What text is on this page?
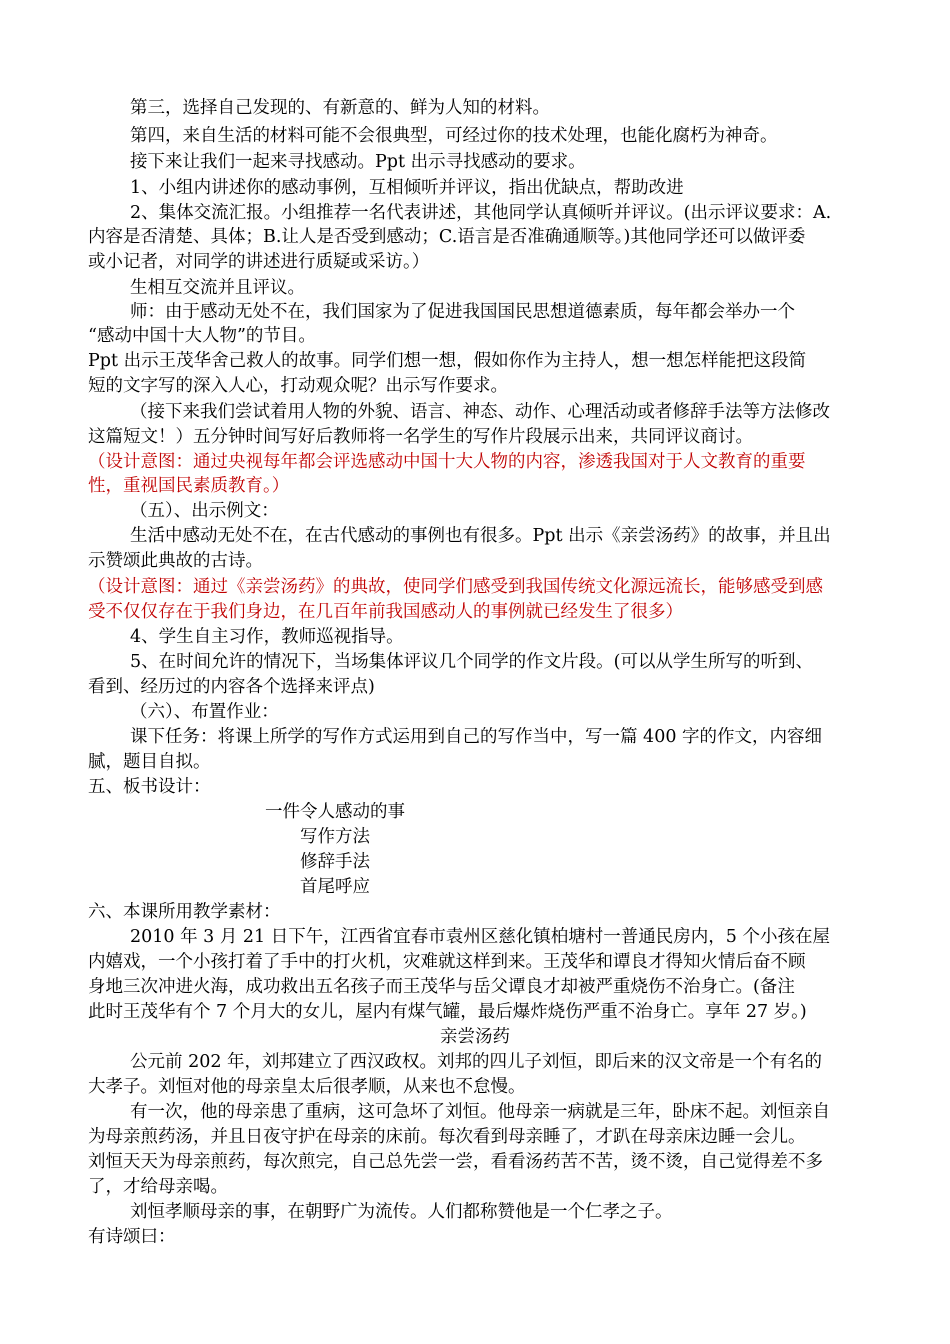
第三，选择自己发现的、有新意的、鲜为人知的材料。
第四，来自生活的材料可能不会很典型，可经过你的技术处理，也能化腐朽为神奇。
接下来让我们一起来寻找感动。Ppt 出示寻找感动的要求。
1、小组内讲述你的感动事例，互相倾听并评议，指出优缺点，帮助改进
2、集体交流汇报。小组推荐一名代表讲述，其他同学认真倾听并评议。(出示评议要求：A.
内容是否清楚、具体；B.让人是否受到感动；C.语言是否准确通顺等。)其他同学还可以做评委
或小记者，对同学的讲述进行质疑或采访。）
生相互交流并且评议。
师：由于感动无处不在，我们国家为了促进我国国民思想道德素质，每年都会举办一个
“感动中国十大人物”的节目。
Ppt 出示王茂华舍己救人的故事。同学们想一想，假如你作为主持人，想一想怎样能把这段简
短的文字写的深入人心，打动观众呢？出示写作要求。
（接下来我们尝试着用人物的外貌、语言、神态、动作、心理活动或者修辞手法等方法修改
这篇短文！）五分钟时间写好后教师将一名学生的写作片段展示出来，共同评议商讨。
（设计意图：通过央视每年都会评选感动中国十大人物的内容，渗透我国对于人文教育的重要
性，重视国民素质教育。）
（五）、出示例文：
生活中感动无处不在，在古代感动的事例也有很多。Ppt 出示《亲尝汤药》的故事，并且出
示赞颂此典故的古诗。
（设计意图：通过《亲尝汤药》的典故，使同学们感受到我国传统文化源远流长，能够感受到感
受不仅仅存在于我们身边，在几百年前我国感动人的事例就已经发生了很多）
4、学生自主习作，教师巡视指导。
5、在时间允许的情况下，当场集体评议几个同学的作文片段。(可以从学生所写的听到、
看到、经历过的内容各个选择来评点)
（六）、布置作业：
课下任务：将课上所学的写作方式运用到自己的写作当中，写一篇 400 字的作文，内容细
腻，题目自拟。
五、板书设计：
一件令人感动的事
写作方法
修辞手法
首尾呼应
六、本课所用教学素材：
2010 年 3 月 21 日下午，江西省宜春市袁州区慈化镇柏塘村一普通民房内，5 个小孩在屋
内嬉戏，一个小孩打着了手中的打火机，灾难就这样到来。王茂华和谭良才得知火情后奋不顾
身地三次冲进火海，成功救出五名孩子而王茂华与岳父谭良才却被严重烧伤不治身亡。(备注
此时王茂华有个 7 个月大的女儿，屋内有煤气罐，最后爆炸烧伤严重不治身亡。享年 27 岁。)
亲尝汤药
公元前 202 年，刘邦建立了西汉政权。刘邦的四儿子刘恒，即后来的汉文帝是一个有名的
大孝子。刘恒对他的母亲皇太后很孝顺，从来也不怠慢。
有一次，他的母亲患了重病，这可急坏了刘恒。他母亲一病就是三年，卧床不起。刘恒亲自
为母亲煎药汤，并且日夜守护在母亲的床前。每次看到母亲睡了，才趴在母亲床边睡一会儿。
刘恒天天为母亲煎药，每次煎完，自己总先尝一尝，看看汤药苦不苦，烫不烫，自己觉得差不多
了，才给母亲喝。
刘恒孝顺母亲的事，在朝野广为流传。人们都称赞他是一个仁孝之子。
有诗颂曰：
